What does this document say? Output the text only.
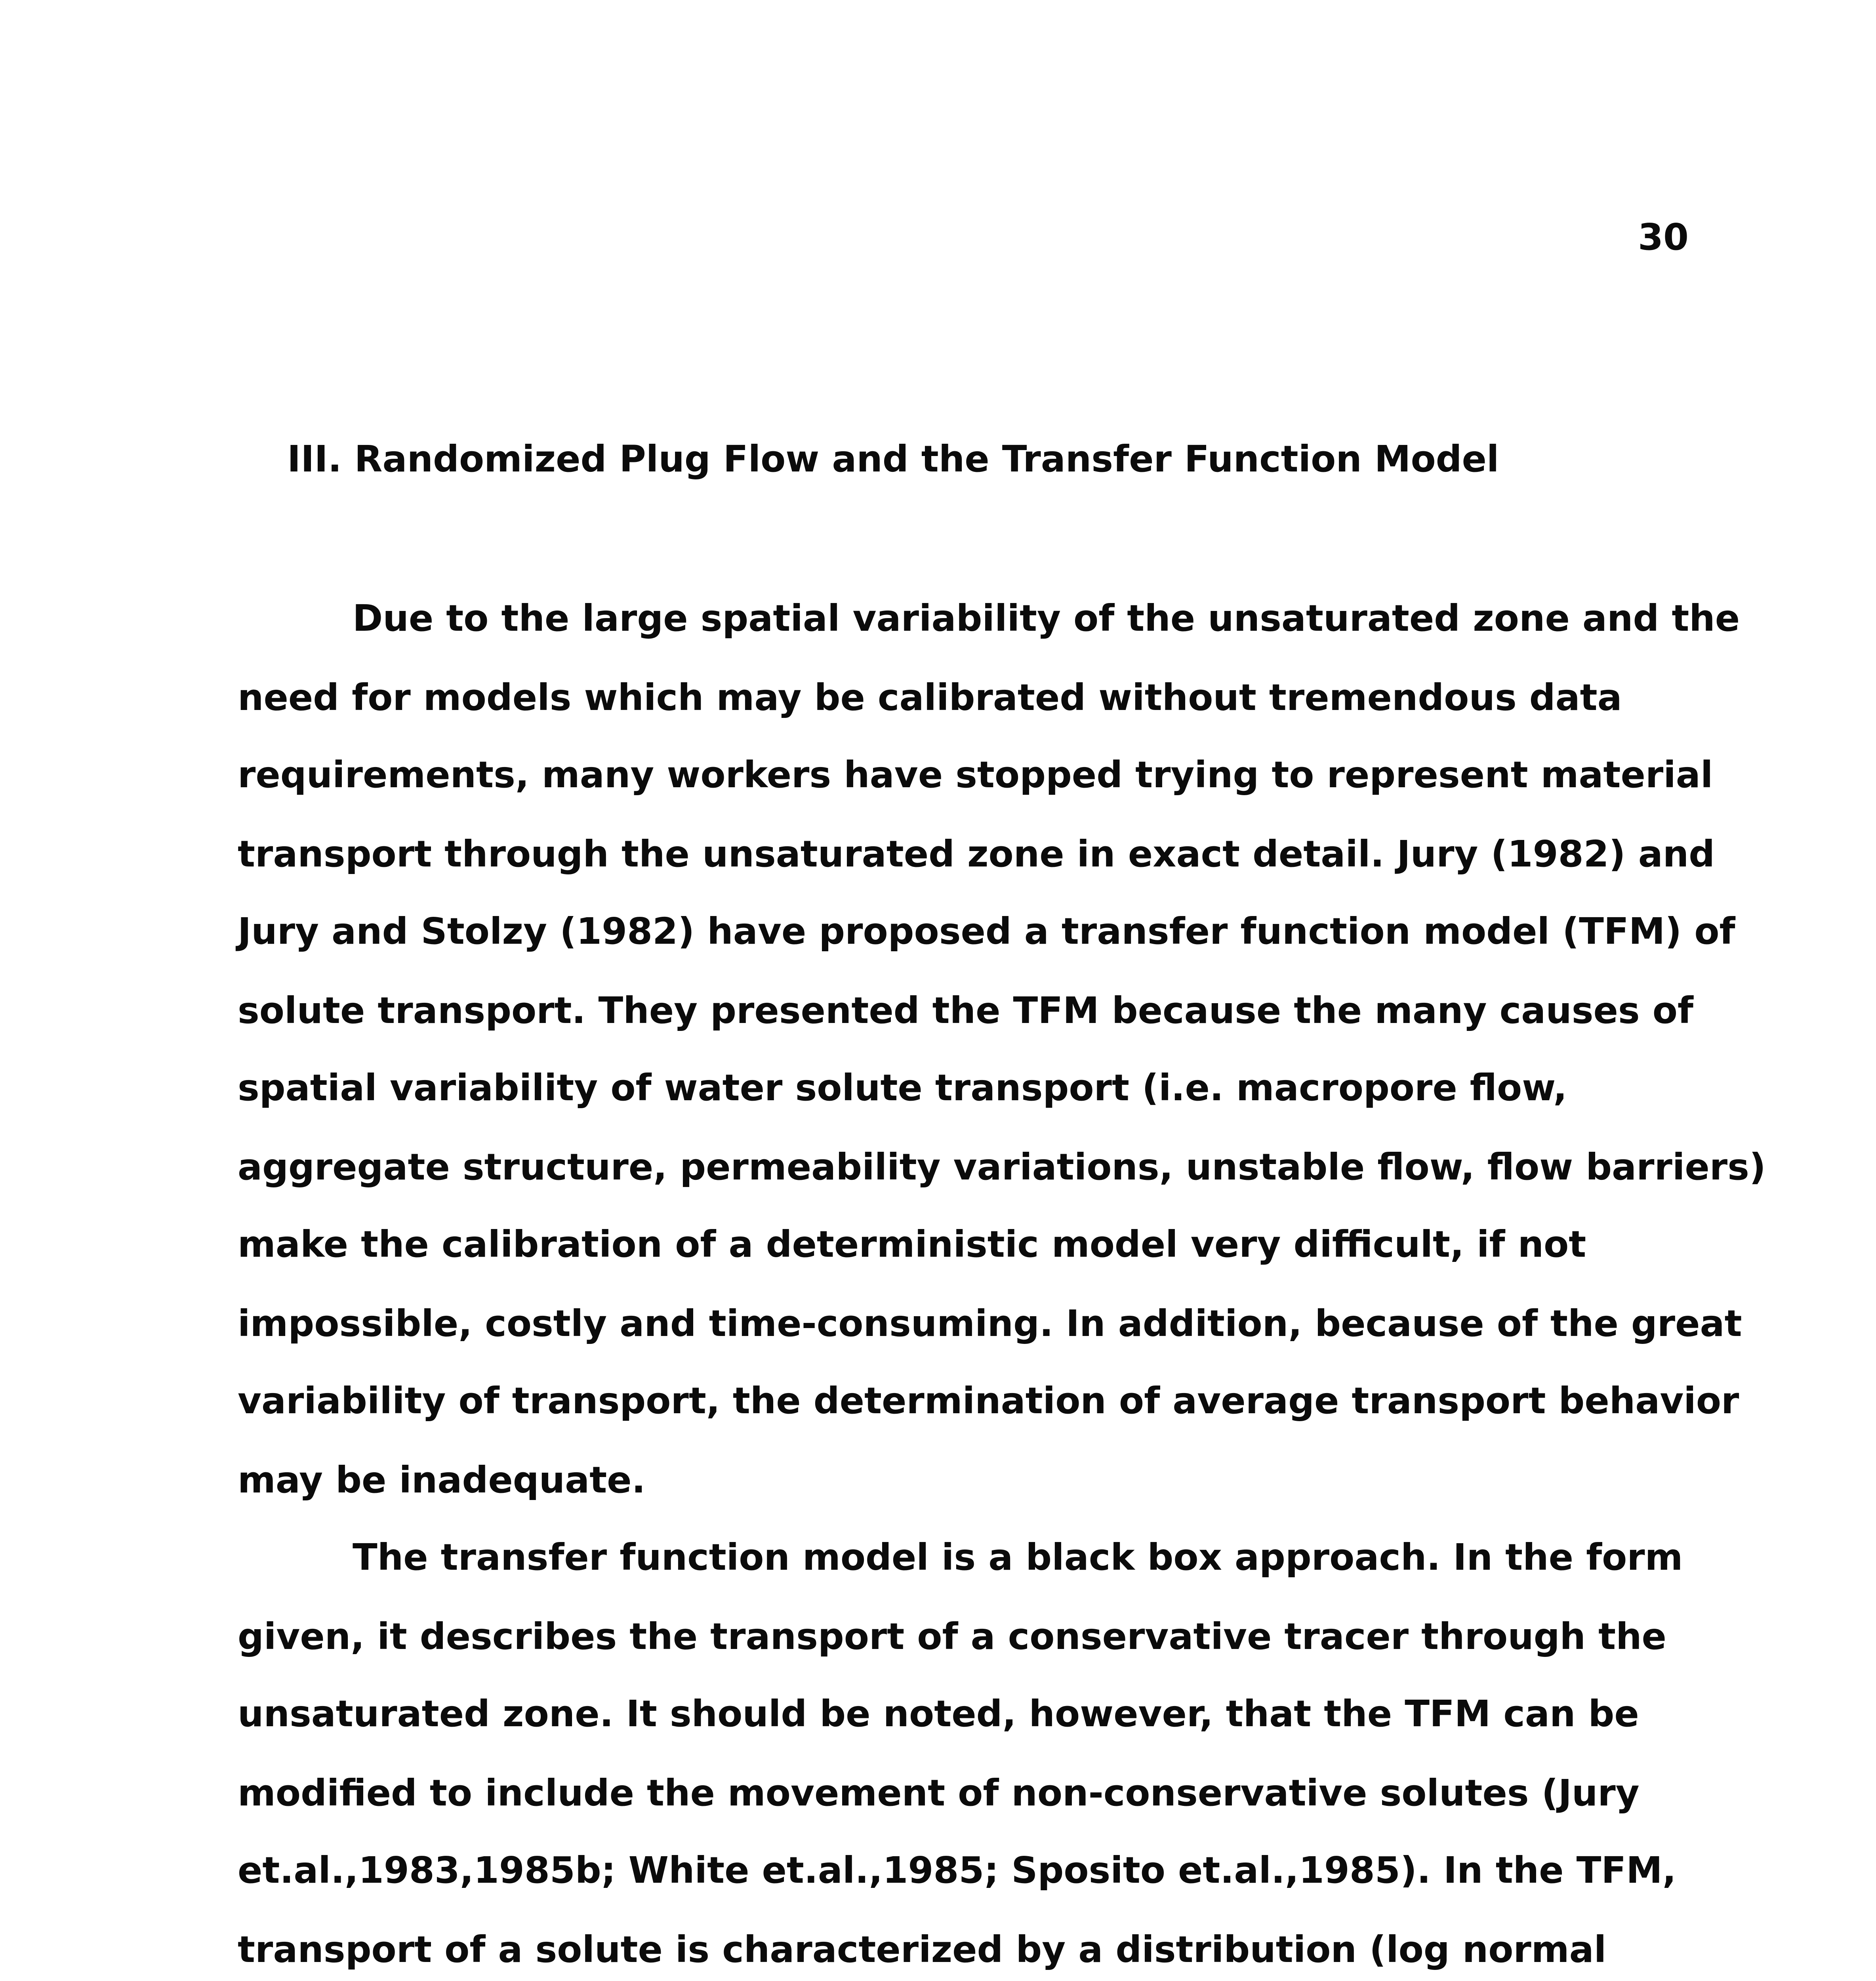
30
III. Randomized Plug Flow and the Transfer Function Model
Due to the large spatial variability of the unsaturated zone and the
need for models which may be calibrated without tremendous data
requirements, many workers have stopped trying to represent material
transport through the unsaturated zone in exact detail. Jury (1982) and
Jury and Stolzy (1982) have proposed a transfer function model (TFM) of
solute transport. They presented the TFM because the many causes of
spatial variability of water solute transport (i.e. macropore flow,
aggregate structure, permeability variations, unstable flow, flow barriers)
make the calibration of a deterministic model very difficult, if not
impossible, costly and time-consuming. In addition, because of the great
variability of transport, the determination of average transport behavior
may be inadequate.
The transfer function model is a black box approach. In the form
given, it describes the transport of a conservative tracer through the
unsaturated zone. It should be noted, however, that the TFM can be
modified to include the movement of non-conservative solutes (Jury
et.al.,1983,1985b; White et.al.,1985; Sposito et.al.,1985). In the TFM,
transport of a solute is characterized by a distribution (log normal
